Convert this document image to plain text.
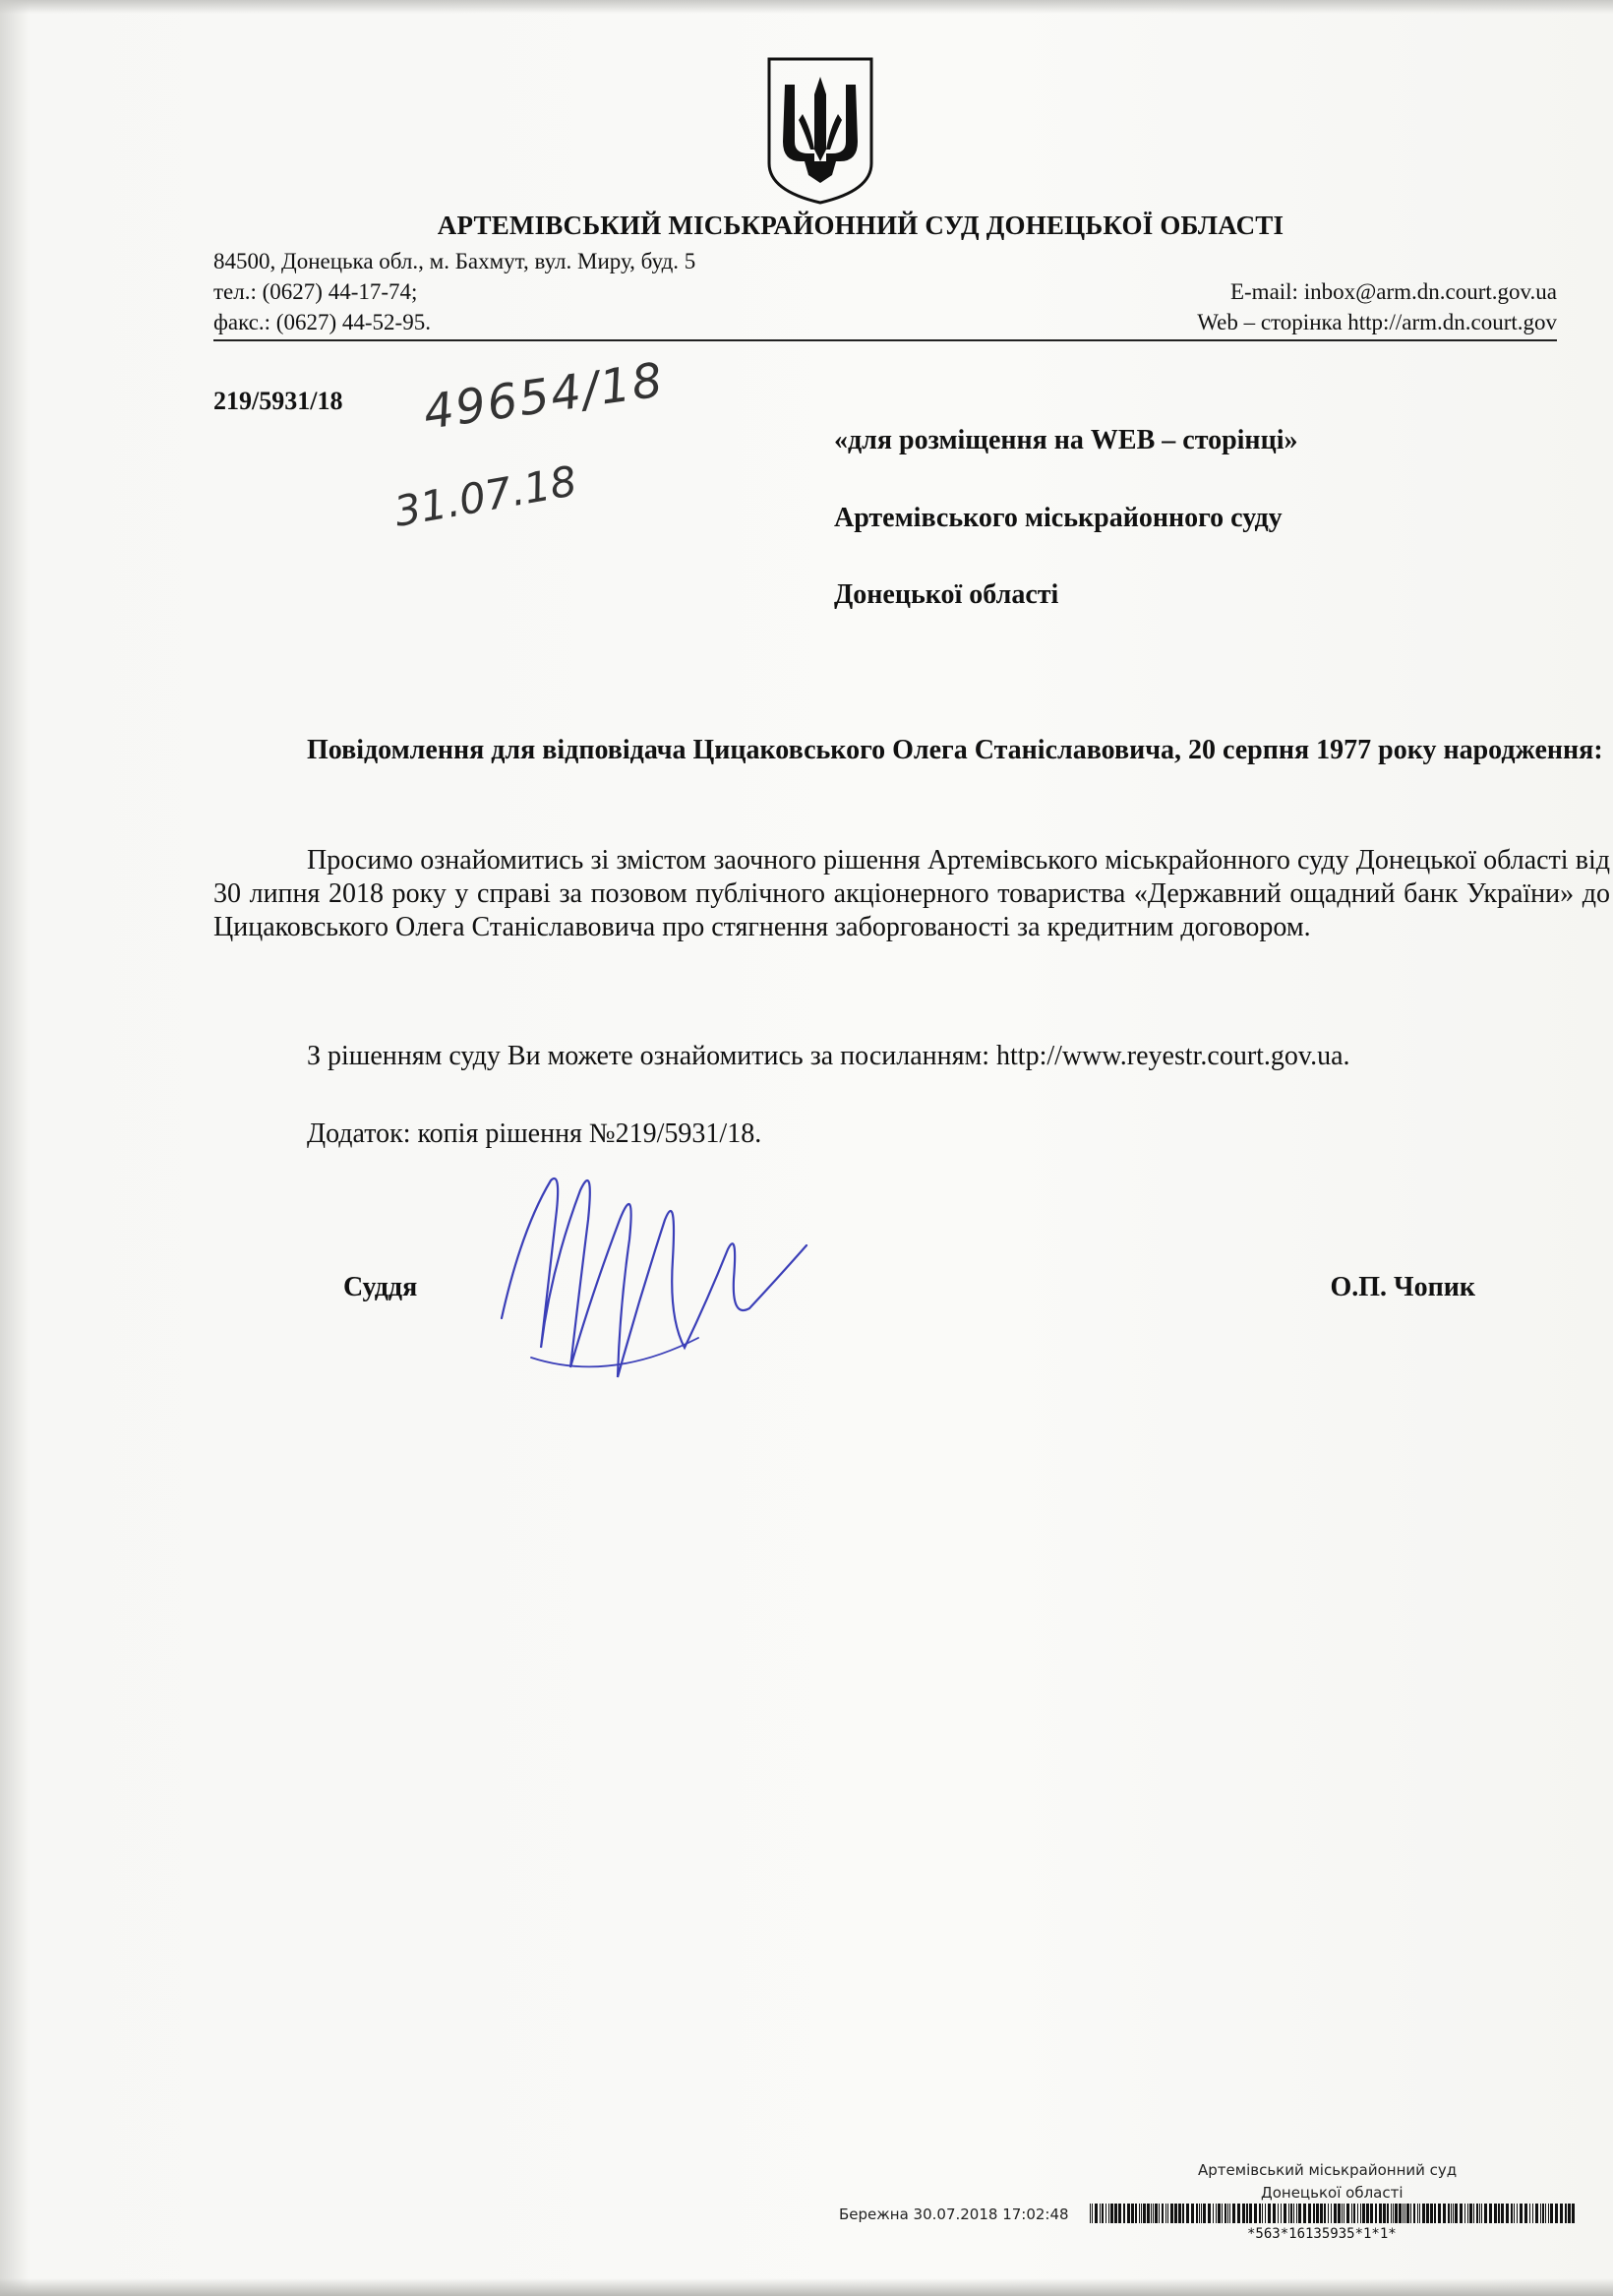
АРТЕМІВСЬКИЙ МІСЬКРАЙОННИЙ СУД ДОНЕЦЬКОЇ ОБЛАСТІ
84500, Донецька обл., м. Бахмут, вул. Миру, буд. 5
тел.: (0627) 44-17-74;
факс.: (0627) 44-52-95.
E-mail: inbox@arm.dn.court.gov.ua
Web – сторінка http://arm.dn.court.gov
219/5931/18 49654/18
31.07.18
«для розміщення на WEB – сторінці»
Артемівського міськрайонного суду
Донецької області
Повідомлення для відповідача Цицаковського Олега Станіславовича, 20 серпня 1977 року народження:
Просимо ознайомитись зі змістом заочного рішення Артемівського міськрайонного суду Донецької області від 30 липня 2018 року у справі за позовом публічного акціонерного товариства «Державний ощадний банк України» до Цицаковського Олега Станіславовича про стягнення заборгованості за кредитним договором.
З рішенням суду Ви можете ознайомитись за посиланням: http://www.reyestr.court.gov.ua.
Додаток: копія рішення №219/5931/18.
Суддя	О.П. Чопик
Артемівський міськрайонний суд
Донецької області
Бережна 30.07.2018 17:02:48
*563*16135935*1*1*
